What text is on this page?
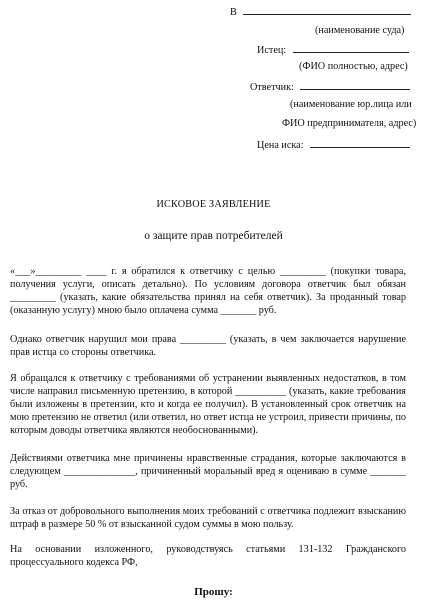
В
(наименование суда)
Истец:
(ФИО полностью, адрес)
Ответчик:
(наименование юр.лица или
ФИО предпринимателя, адрес)
Цена иска:
ИСКОВОЕ ЗАЯВЛЕНИЕ
о защите прав потребителей
«___»_________ ____ г. я обратился к ответчику с целью _________ (покупки товара, получения услуги, описать детально). По условиям договора ответчик был обязан _________ (указать, какие обязательства принял на себя ответчик). За проданный товар (оказанную услугу) мною было оплачена сумма _______ руб.
Однако ответчик нарушил мои права _________ (указать, в чем заключается нарушение прав истца со стороны ответчика.
Я обращался к ответчику с требованиями об устранении выявленных недостатков, в том числе направил письменную претензию, в которой __________ (указать, какие требования были изложены в претензии, кто и когда ее получил). В установленный срок ответчик на мою претензию не ответил (или ответил, но ответ истца не устроил, привести причины, по которым доводы ответчика являются необоснованными).
Действиями ответчика мне причинены нравственные страдания, которые заключаются в следующем ______________, причиненный моральный вред я оцениваю в сумме _______ руб.
За отказ от добровольного выполнения моих требований с ответчика подлежит взысканию штраф в размере 50 % от взысканной судом суммы в мою пользу.
На основании изложенного, руководствуясь статьями 131-132 Гражданского процессуального кодекса РФ,
Прошу:
